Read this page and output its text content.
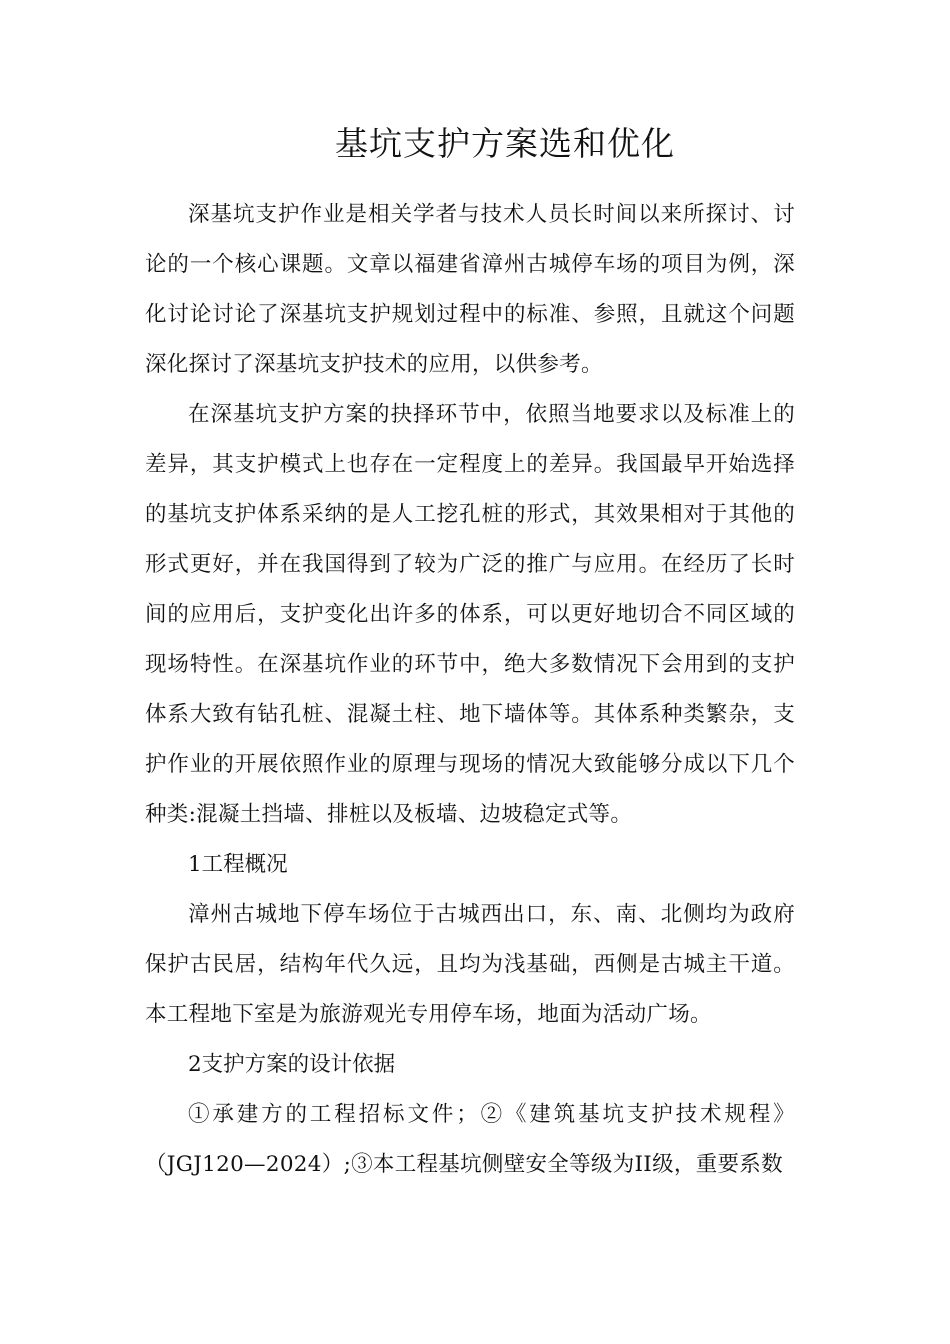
基坑支护方案选和优化

深基坑支护作业是相关学者与技术人员长时间以来所探讨、讨论的一个核心课题。文章以福建省漳州古城停车场的项目为例，深化讨论讨论了深基坑支护规划过程中的标准、参照，且就这个问题深化探讨了深基坑支护技术的应用，以供参考。

在深基坑支护方案的抉择环节中，依照当地要求以及标准上的差异，其支护模式上也存在一定程度上的差异。我国最早开始选择的基坑支护体系采纳的是人工挖孔桩的形式，其效果相对于其他的形式更好，并在我国得到了较为广泛的推广与应用。在经历了长时间的应用后，支护变化出许多的体系，可以更好地切合不同区域的现场特性。在深基坑作业的环节中，绝大多数情况下会用到的支护体系大致有钻孔桩、混凝土柱、地下墙体等。其体系种类繁杂，支护作业的开展依照作业的原理与现场的情况大致能够分成以下几个种类:混凝土挡墙、排桩以及板墙、边坡稳定式等。

1工程概况

漳州古城地下停车场位于古城西出口，东、南、北侧均为政府保护古民居，结构年代久远，且均为浅基础，西侧是古城主干道。本工程地下室是为旅游观光专用停车场，地面为活动广场。

2支护方案的设计依据

①承建方的工程招标文件；②《建筑基坑支护技术规程》（JGJ120—2024）;③本工程基坑侧壁安全等级为II级，重要系数
